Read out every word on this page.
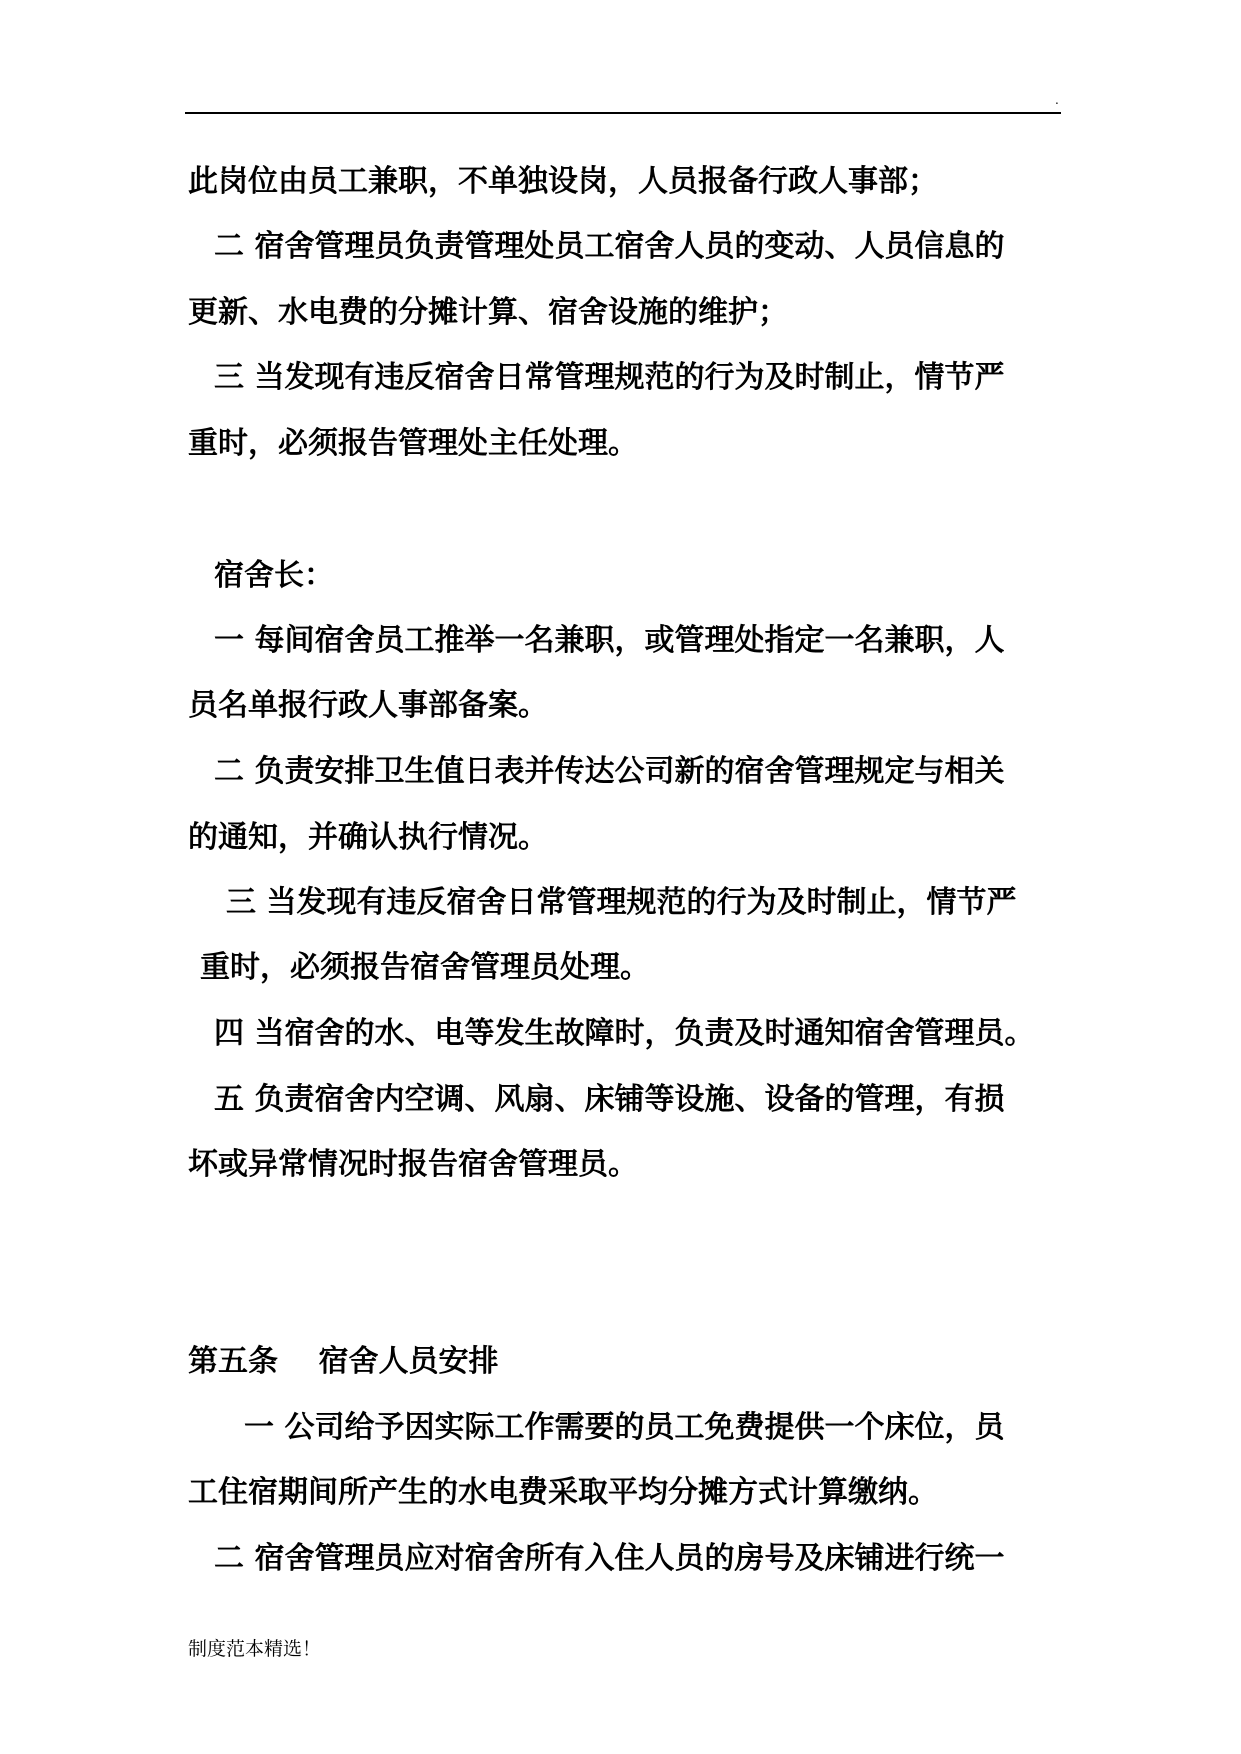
.
此岗位由员工兼职，不单独设岗，人员报备行政人事部；
二 宿舍管理员负责管理处员工宿舍人员的变动、人员信息的
更新、水电费的分摊计算、宿舍设施的维护；
三 当发现有违反宿舍日常管理规范的行为及时制止，情节严
重时，必须报告管理处主任处理。
宿舍长：
一 每间宿舍员工推举一名兼职，或管理处指定一名兼职，人
员名单报行政人事部备案。
二 负责安排卫生值日表并传达公司新的宿舍管理规定与相关
的通知，并确认执行情况。
三 当发现有违反宿舍日常管理规范的行为及时制止，情节严
重时，必须报告宿舍管理员处理。
四 当宿舍的水、电等发生故障时，负责及时通知宿舍管理员。
五 负责宿舍内空调、风扇、床铺等设施、设备的管理，有损
坏或异常情况时报告宿舍管理员。
第五条　 宿舍人员安排
一 公司给予因实际工作需要的员工免费提供一个床位，员
工住宿期间所产生的水电费采取平均分摊方式计算缴纳。
二 宿舍管理员应对宿舍所有入住人员的房号及床铺进行统一
制度范本精选！
